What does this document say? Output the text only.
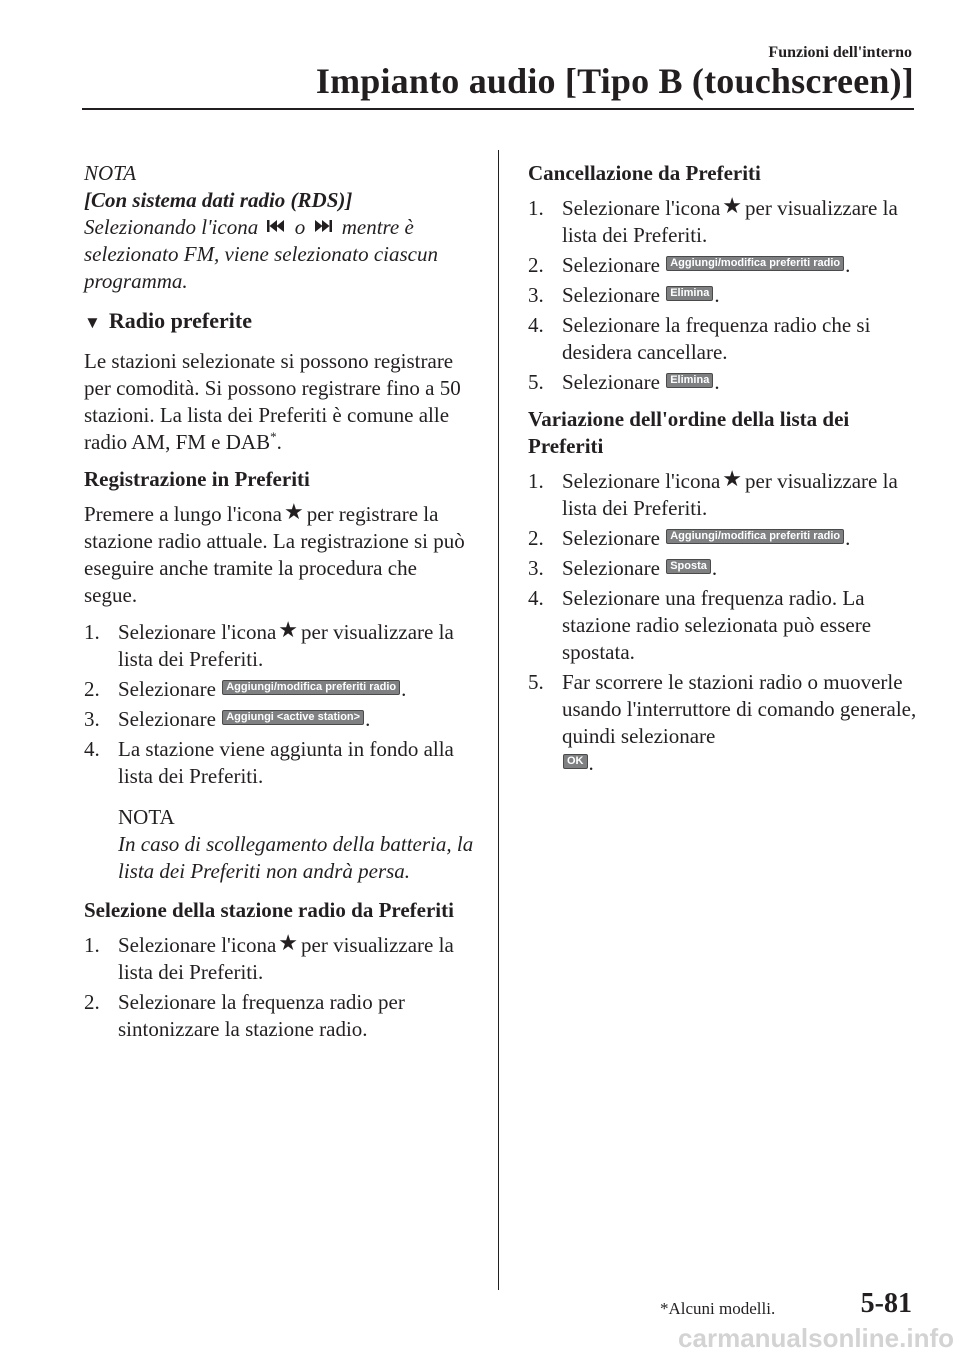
Funzioni dell'interno
Impianto audio [Tipo B (touchscreen)]

NOTA

[Con sistema dati radio (RDS)]

Selezionando l'icona o mentre è selezionato FM, viene selezionato ciascun programma.

▼ Radio preferite

Le stazioni selezionate si possono registrare per comodità. Si possono registrare fino a 50 stazioni. La lista dei Preferiti è comune alle radio AM, FM e DAB*.

Registrazione in Preferiti

Premere a lungo l'icona★ per registrare la stazione radio attuale. La registrazione si può eseguire anche tramite la procedura che segue.

1. Selezionare l'icona★ per visualizzare la lista dei Preferiti.
2. Selezionare Aggiungi/modifica preferiti radio .
3. Selezionare Aggiungi <active station> .
4. La stazione viene aggiunta in fondo alla lista dei Preferiti.

NOTA

In caso di scollegamento della batteria, la lista dei Preferiti non andrà persa.

Selezione della stazione radio da Preferiti

1. Selezionare l'icona★ per visualizzare la lista dei Preferiti.
2. Selezionare la frequenza radio per sintonizzare la stazione radio.

Cancellazione da Preferiti

1. Selezionare l'icona★ per visualizzare la lista dei Preferiti.
2. Selezionare Aggiungi/modifica preferiti radio .
3. Selezionare Elimina .
4. Selezionare la frequenza radio che si desidera cancellare.
5. Selezionare Elimina .

Variazione dell'ordine della lista dei Preferiti

1. Selezionare l'icona★ per visualizzare la lista dei Preferiti.
2. Selezionare Aggiungi/modifica preferiti radio .
3. Selezionare Sposta .
4. Selezionare una frequenza radio. La stazione radio selezionata può essere spostata.
5. Far scorrere le stazioni radio o muoverle usando l'interruttore di comando generale, quindi selezionare
OK .
*Alcuni modelli.	5-81
carmanualsonline.info
